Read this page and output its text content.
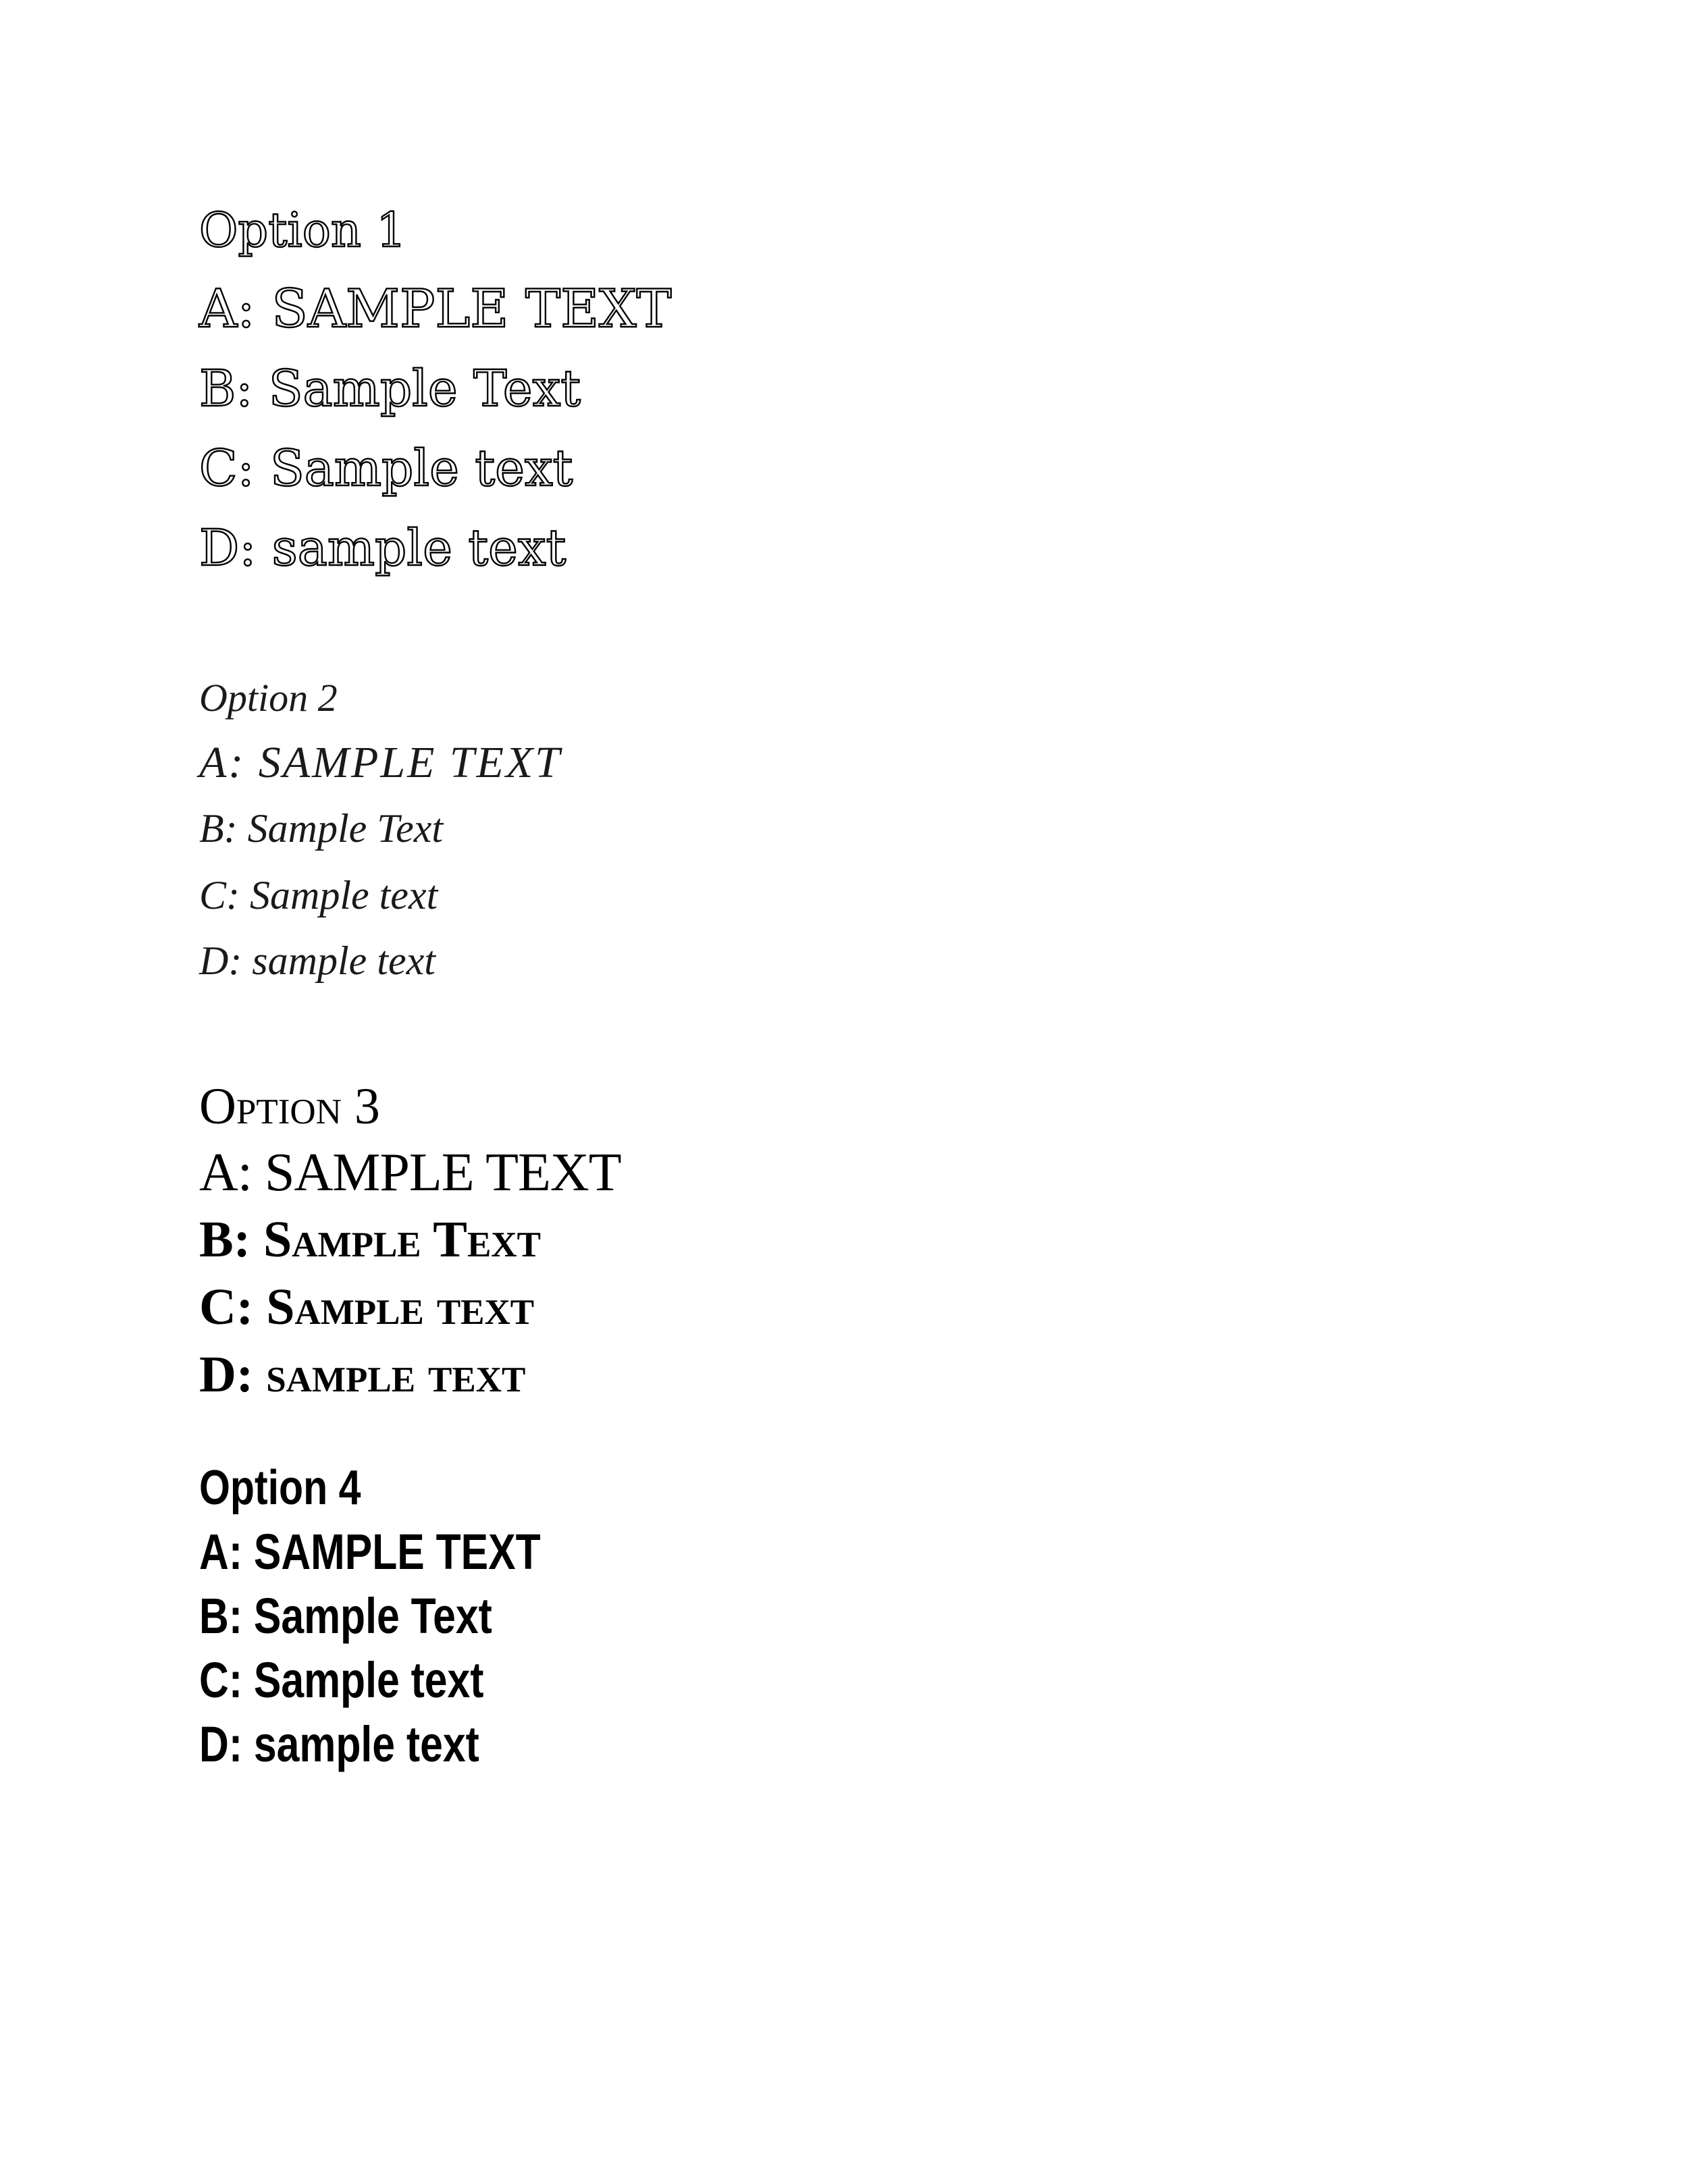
Option 1

A: SAMPLE TEXT

B: Sample Text

C: Sample text

D: sample text

Option 2

A: SAMPLE TEXT

B: Sample Text

C: Sample text

D: sample text

Option 3

A: SAMPLE TEXT

B: Sample Text

C: Sample text

D: sample text

Option 4

A: SAMPLE TEXT

B: Sample Text

C: Sample text

D: sample text
